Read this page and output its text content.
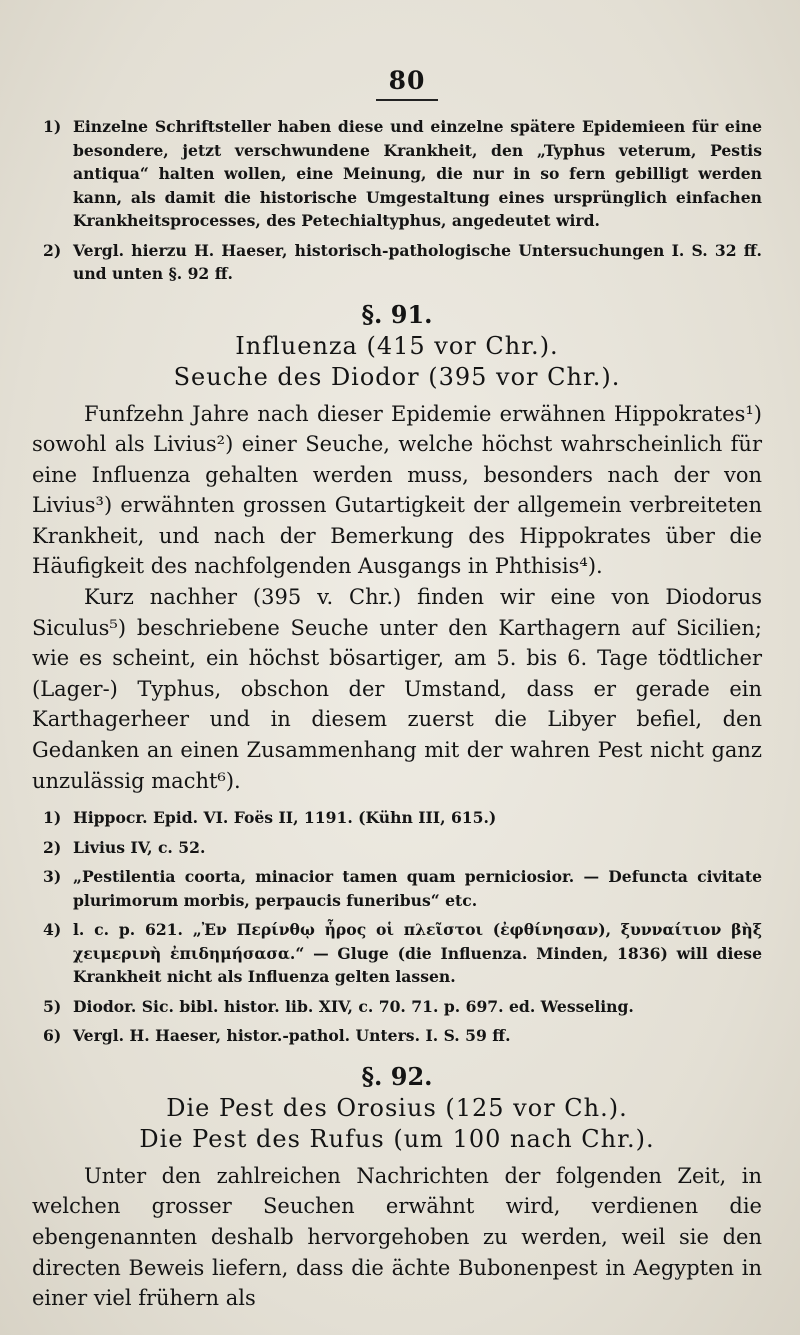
80

1) Einzelne Schriftsteller haben diese und einzelne spätere Epidemieen für eine besondere, jetzt verschwundene Krankheit, den „Typhus veterum, Pestis antiqua“ halten wollen, eine Meinung, die nur in so fern gebilligt werden kann, als damit die historische Umgestaltung eines ursprünglich einfachen Krankheitsprocesses, des Petechialtyphus, angedeutet wird.

2) Vergl. hierzu H. Haeser, historisch-pathologische Untersuchungen I. S. 32 ff. und unten §. 92 ff.

§. 91.
Influenza (415 vor Chr.).
Seuche des Diodor (395 vor Chr.).

Funfzehn Jahre nach dieser Epidemie erwähnen Hippokrates¹) sowohl als Livius²) einer Seuche, welche höchst wahrscheinlich für eine Influenza gehalten werden muss, besonders nach der von Livius³) erwähnten grossen Gutartigkeit der allgemein verbreiteten Krankheit, und nach der Bemerkung des Hippokrates über die Häufigkeit des nachfolgenden Ausgangs in Phthisis⁴).

Kurz nachher (395 v. Chr.) finden wir eine von Diodorus Siculus⁵) beschriebene Seuche unter den Karthagern auf Sicilien; wie es scheint, ein höchst bösartiger, am 5. bis 6. Tage tödtlicher (Lager-) Typhus, obschon der Umstand, dass er gerade ein Karthagerheer und in diesem zuerst die Libyer befiel, den Gedanken an einen Zusammenhang mit der wahren Pest nicht ganz unzulässig macht⁶).

1) Hippocr. Epid. VI. Foës II, 1191. (Kühn III, 615.)

2) Livius IV, c. 52.

3) „Pestilentia coorta, minacior tamen quam perniciosior. — Defuncta civitate plurimorum morbis, perpaucis funeribus“ etc.

4) l. c. p. 621. „Ἐν Περίνθῳ ἦρος οἱ πλεῖστοι (ἐφθίνησαν), ξυνναίτιον βὴξ χειμερινὴ ἐπιδημήσασα.“ — Gluge (die Influenza. Minden, 1836) will diese Krankheit nicht als Influenza gelten lassen.

5) Diodor. Sic. bibl. histor. lib. XIV, c. 70. 71. p. 697. ed. Wesseling.

6) Vergl. H. Haeser, histor.-pathol. Unters. I. S. 59 ff.

§. 92.
Die Pest des Orosius (125 vor Ch.).
Die Pest des Rufus (um 100 nach Chr.).

Unter den zahlreichen Nachrichten der folgenden Zeit, in welchen grosser Seuchen erwähnt wird, verdienen die ebengenannten deshalb hervorgehoben zu werden, weil sie den directen Beweis liefern, dass die ächte Bubonenpest in Aegypten in einer viel frühern als
